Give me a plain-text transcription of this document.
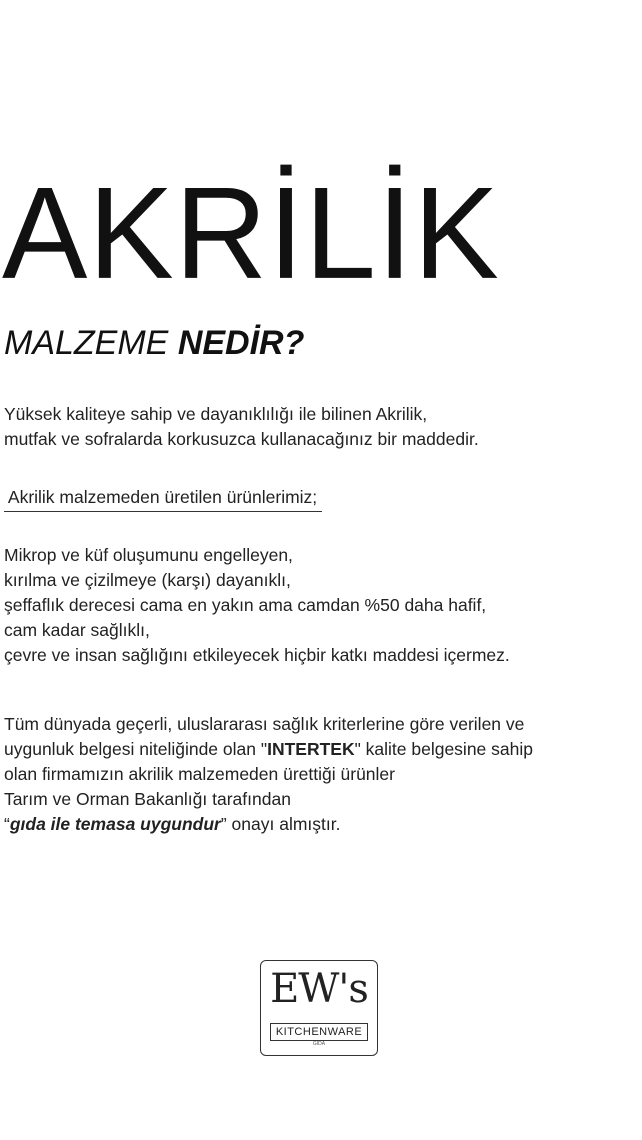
AKRİLİK
MALZEME NEDİR?

Yüksek kaliteye sahip ve dayanıklılığı ile bilinen Akrilik,
mutfak ve sofralarda korkusuzca kullanacağınız bir maddedir.

Akrilik malzemeden üretilen ürünlerimiz;

Mikrop ve küf oluşumunu engelleyen,
kırılma ve çizilmeye (karşı) dayanıklı,
şeffaflık derecesi cama en yakın ama camdan %50 daha hafif,
cam kadar sağlıklı,
çevre ve insan sağlığını etkileyecek hiçbir katkı maddesi içermez.

Tüm dünyada geçerli, uluslararası sağlık kriterlerine göre verilen ve
uygunluk belgesi niteliğinde olan "INTERTEK" kalite belgesine sahip
olan firmamızın akrilik malzemeden ürettiği ürünler
Tarım ve Orman Bakanlığı tarafından
“gıda ile temasa uygundur” onayı almıştır.

EW's
KITCHENWARE
GIDA
